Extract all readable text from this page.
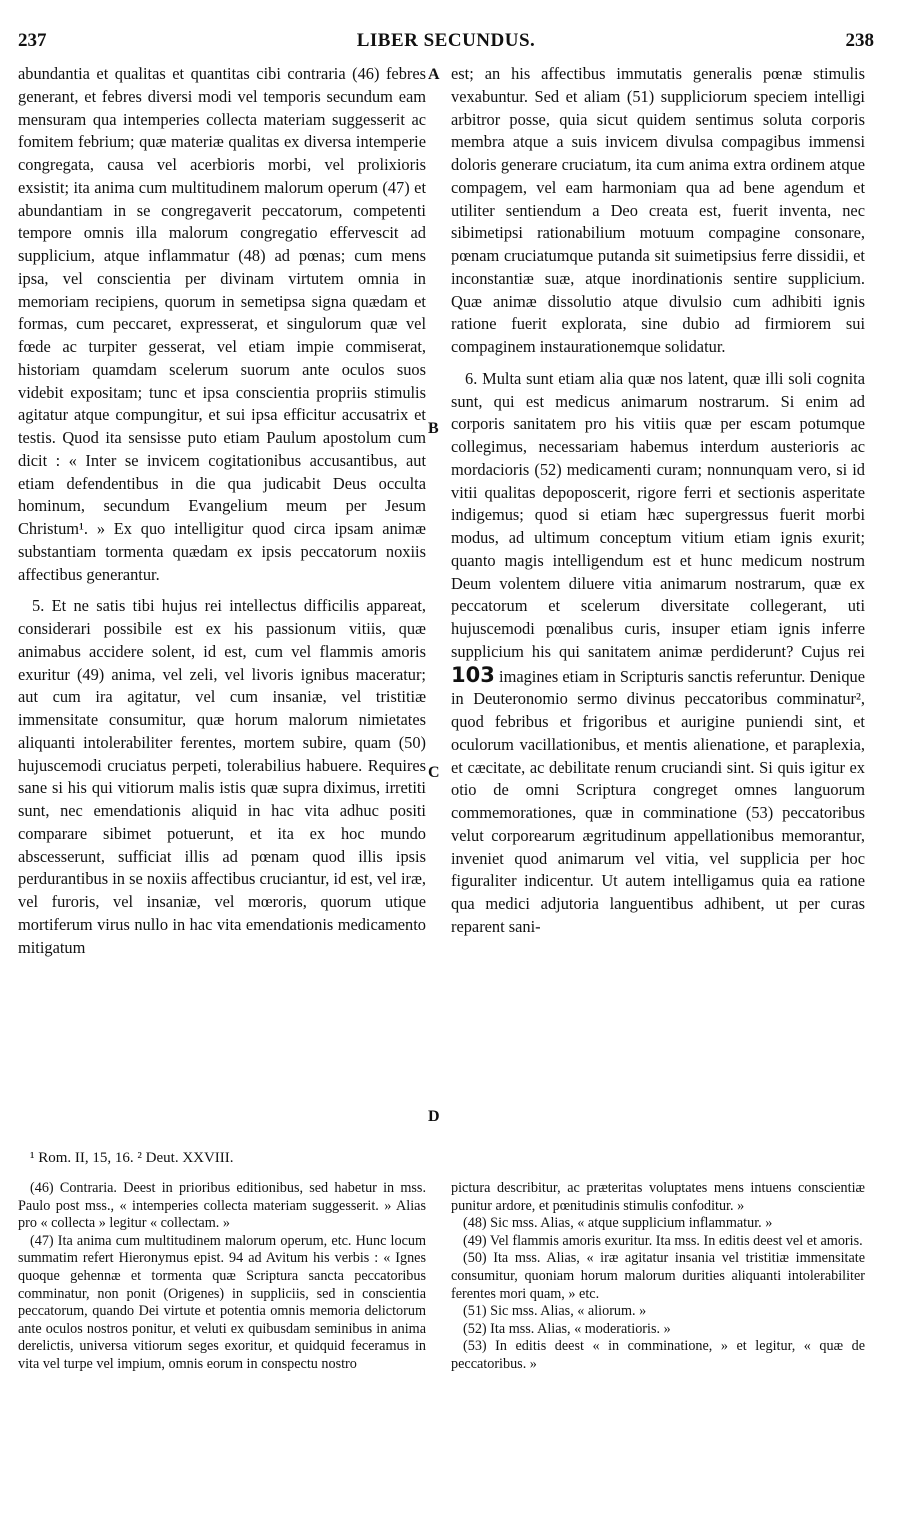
237	LIBER SECUNDUS.	238

abundantia et qualitas et quantitas cibi contraria (46) febres generant, et febres diversi modi vel temporis secundum eam mensuram qua intemperies collecta materiam suggesserit ac fomitem febrium; quæ materiæ qualitas ex diversa intemperie congregata, causa vel acerbioris morbi, vel prolixioris exsistit; ita anima cum multitudinem malorum operum (47) et abundantiam in se congregaverit peccatorum, competenti tempore omnis illa malorum congregatio effervescit ad supplicium, atque inflammatur (48) ad pœnas; cum mens ipsa, vel conscientia per divinam virtutem omnia in memoriam recipiens, quorum in semetipsa signa quædam et formas, cum peccaret, expresserat, et singulorum quæ vel fœde ac turpiter gesserat, vel etiam impie commiserat, historiam quamdam scelerum suorum ante oculos suos videbit expositam; tunc et ipsa conscientia propriis stimulis agitatur atque compungitur, et sui ipsa efficitur accusatrix et testis. Quod ita sensisse puto etiam Paulum apostolum cum dicit : « Inter se invicem cogitationibus accusantibus, aut etiam defendentibus in die qua judicabit Deus occulta hominum, secundum Evangelium meum per Jesum Christum¹. » Ex quo intelligitur quod circa ipsam animæ substantiam tormenta quædam ex ipsis peccatorum noxiis affectibus generantur.

5. Et ne satis tibi hujus rei intellectus difficilis appareat, considerari possibile est ex his passionum vitiis, quæ animabus accidere solent, id est, cum vel flammis amoris exuritur (49) anima, vel zeli, vel livoris ignibus maceratur; aut cum ira agitatur, vel cum insaniæ, vel tristitiæ immensitate consumitur, quæ horum malorum nimietates aliquanti intolerabiliter ferentes, mortem subire, quam (50) hujuscemodi cruciatus perpeti, tolerabilius habuere. Requires sane si his qui vitiorum malis istis quæ supra diximus, irretiti sunt, nec emendationis aliquid in hac vita adhuc positi comparare sibimet potuerunt, et ita ex hoc mundo abscesserunt, sufficiat illis ad pœnam quod illis ipsis perdurantibus in se noxiis affectibus cruciantur, id est, vel iræ, vel furoris, vel insaniæ, vel mœroris, quorum utique mortiferum virus nullo in hac vita emendationis medicamento mitigatum

A
B
C
D

est; an his affectibus immutatis generalis pœnæ stimulis vexabuntur. Sed et aliam (51) suppliciorum speciem intelligi arbitror posse, quia sicut quidem sentimus soluta corporis membra atque a suis invicem divulsa compagibus immensi doloris generare cruciatum, ita cum anima extra ordinem atque compagem, vel eam harmoniam qua ad bene agendum et utiliter sentiendum a Deo creata est, fuerit inventa, nec sibimetipsi rationabilium motuum compagine consonare, pœnam cruciatumque putanda sit suimetipsius ferre dissidii, et inconstantiæ suæ, atque inordinationis sentire supplicium. Quæ animæ dissolutio atque divulsio cum adhibiti ignis ratione fuerit explorata, sine dubio ad firmiorem sui compaginem instaurationemque solidatur.

6. Multa sunt etiam alia quæ nos latent, quæ illi soli cognita sunt, qui est medicus animarum nostrarum. Si enim ad corporis sanitatem pro his vitiis quæ per escam potumque collegimus, necessariam habemus interdum austerioris ac mordacioris (52) medicamenti curam; nonnunquam vero, si id vitii qualitas depoposcerit, rigore ferri et sectionis asperitate indigemus; quod si etiam hæc supergressus fuerit morbi modus, ad ultimum conceptum vitium etiam ignis exurit; quanto magis intelligendum est et hunc medicum nostrum Deum volentem diluere vitia animarum nostrarum, quæ ex peccatorum et scelerum diversitate collegerant, uti hujuscemodi pœnalibus curis, insuper etiam ignis inferre supplicium his qui sanitatem animæ perdiderunt? Cujus rei 103 imagines etiam in Scripturis sanctis referuntur. Denique in Deuteronomio sermo divinus peccatoribus comminatur², quod febribus et frigoribus et aurigine puniendi sint, et oculorum vacillationibus, et mentis alienatione, et paraplexia, et cæcitate, ac debilitate renum cruciandi sint. Si quis igitur ex otio de omni Scriptura congreget omnes languorum commemorationes, quæ in comminatione (53) peccatoribus velut corporearum ægritudinum appellationibus memorantur, inveniet quod animarum vel vitia, vel supplicia per hoc figuraliter indicentur. Ut autem intelligamus quia ea ratione qua medici adjutoria languentibus adhibent, ut per curas reparent sani-

¹ Rom. II, 15, 16. ² Deut. XXVIII.

(46) Contraria. Deest in prioribus editionibus, sed habetur in mss. Paulo post mss., « intemperies collecta materiam suggesserit. » Alias pro « collecta » legitur « collectam. »

(47) Ita anima cum multitudinem malorum operum, etc. Hunc locum summatim refert Hieronymus epist. 94 ad Avitum his verbis : « Ignes quoque gehennæ et tormenta quæ Scriptura sancta peccatoribus comminatur, non ponit (Origenes) in suppliciis, sed in conscientia peccatorum, quando Dei virtute et potentia omnis memoria delictorum ante oculos nostros ponitur, et veluti ex quibusdam seminibus in anima derelictis, universa vitiorum seges exoritur, et quidquid feceramus in vita vel turpe vel impium, omnis eorum in conspectu nostro

pictura describitur, ac præteritas voluptates mens intuens conscientiæ punitur ardore, et pœnitudinis stimulis confoditur. »

(48) Sic mss. Alias, « atque supplicium inflammatur. »

(49) Vel flammis amoris exuritur. Ita mss. In editis deest vel et amoris.

(50) Ita mss. Alias, « iræ agitatur insania vel tristitiæ immensitate consumitur, quoniam horum malorum durities aliquanti intolerabiliter ferentes mori quam, » etc.

(51) Sic mss. Alias, « aliorum. »

(52) Ita mss. Alias, « moderatioris. »

(53) In editis deest « in comminatione, » et legitur, « quæ de peccatoribus. »
